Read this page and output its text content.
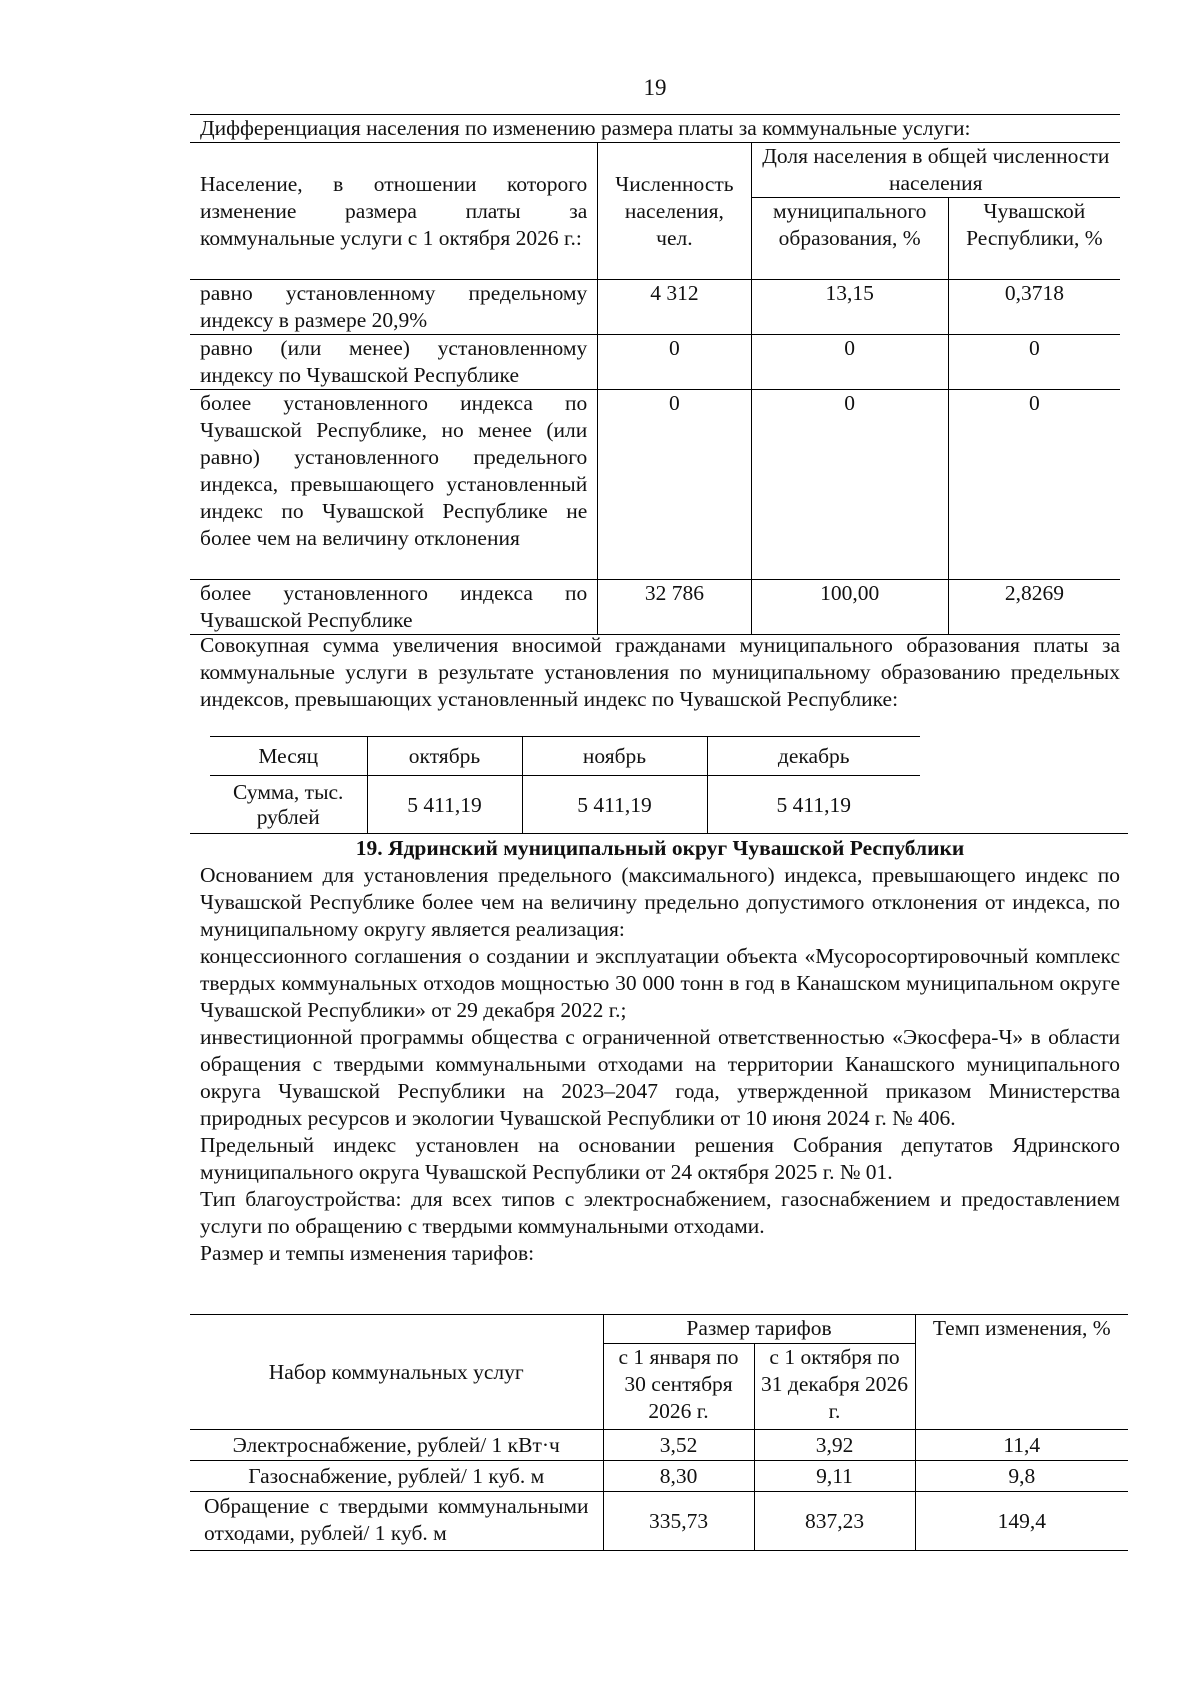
19
Дифференциация населения по изменению размера платы за коммунальные услуги:			
Население, в отношении которого изменение размера платы за коммунальные услуги с 1 октября 2026 г.:	Численность населения, чел.	Доля населения в общей численности населения	
		муниципального образования, %	Чувашской Республики, %
равно установленному предельному индексу в размере 20,9%	4 312	13,15	0,3718
равно (или менее) установленному индексу по Чувашской Республике	0	0	0
более установленного индекса по Чувашской Республике, но менее (или равно) установленного предельного индекса, превышающего установленный индекс по Чувашской Республике не более чем на величину отклонения	0	0	0
более установленного индекса по Чувашской Республике	32 786	100,00	2,8269
Совокупная сумма увеличения вносимой гражданами муниципального образования платы за коммунальные услуги в результате установления по муниципальному образованию предельных индексов, превышающих установленный индекс по Чувашской Республике:
Месяц	октябрь	ноябрь	декабрь
Сумма, тыс. рублей	5 411,19	5 411,19	5 411,19
19. Ядринский муниципальный округ Чувашской Республики
Основанием для установления предельного (максимального) индекса, превышающего индекс по Чувашской Республике более чем на величину предельно допустимого отклонения от индекса, по муниципальному округу является реализация:
концессионного соглашения о создании и эксплуатации объекта «Мусоросортировочный комплекс твердых коммунальных отходов мощностью 30 000 тонн в год в Канашском муниципальном округе Чувашской Республики» от 29 декабря 2022 г.;
инвестиционной программы общества с ограниченной ответственностью «Экосфера-Ч» в области обращения с твердыми коммунальными отходами на территории Канашского муниципального округа Чувашской Республики на 2023–2047 года, утвержденной приказом Министерства природных ресурсов и экологии Чувашской Республики от 10 июня 2024 г. № 406.
Предельный индекс установлен на основании решения Собрания депутатов Ядринского муниципального округа Чувашской Республики от 24 октября 2025 г. № 01.
Тип благоустройства: для всех типов с электроснабжением, газоснабжением и предоставлением услуги по обращению с твердыми коммунальными отходами.
Размер и темпы изменения тарифов:
Набор коммунальных услуг	Размер тарифов		Темп изменения, %
	с 1 января по 30 сентября 2026 г.	с 1 октября по 31 декабря 2026 г.	
Электроснабжение, рублей/ 1 кВт·ч	3,52	3,92	11,4
Газоснабжение, рублей/ 1 куб. м	8,30	9,11	9,8
Обращение с твердыми коммунальными отходами, рублей/ 1 куб. м	335,73	837,23	149,4
